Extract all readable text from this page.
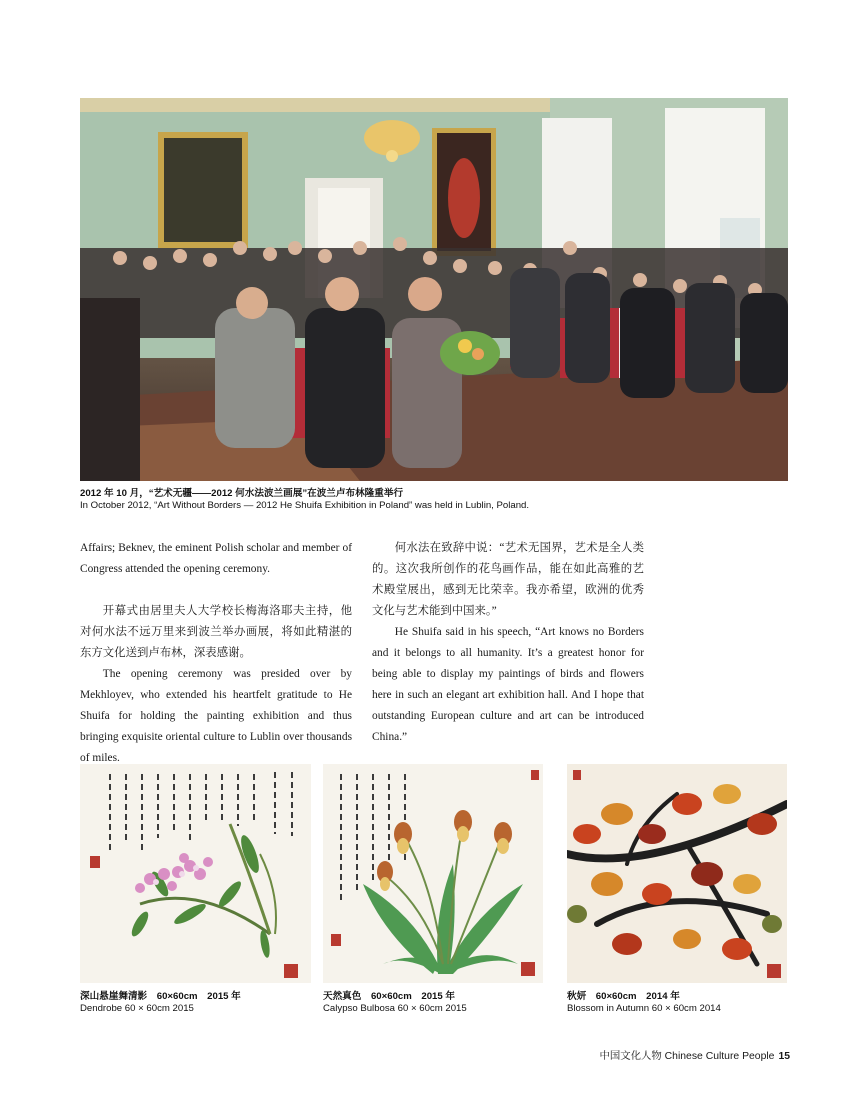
2012 年 10 月，“艺术无疆——2012 何水法波兰画展”在波兰卢布林隆重举行
In October 2012, “Art Without Borders — 2012 He Shuifa Exhibition in Poland” was held in Lublin, Poland.

Affairs; Beknev, the eminent Polish scholar and member of Congress attended the opening ceremony.

开幕式由居里夫人大学校长梅海洛耶夫主持，他对何水法不远万里来到波兰举办画展，将如此精湛的东方文化送到卢布林，深表感谢。

The opening ceremony was presided over by Mekhloyev, who extended his heartfelt gratitude to He Shuifa for holding the painting exhibition and thus bringing exquisite oriental culture to Lublin over thousands of miles.

何水法在致辞中说：“艺术无国界，艺术是全人类的。这次我所创作的花鸟画作品，能在如此高雅的艺术殿堂展出，感到无比荣幸。我亦希望，欧洲的优秀文化与艺术能到中国来。”

He Shuifa said in his speech, “Art knows no Borders and it belongs to all humanity. It’s a greatest honor for being able to display my paintings of birds and flowers here in such an elegant art exhibition hall. And I hope that outstanding European culture and art can be introduced China.”

深山悬崖舞清影　60×60cm　2015 年
Dendrobe 60 × 60cm 2015
天然真色　60×60cm　2015 年
Calypso Bulbosa 60 × 60cm 2015
秋妍　60×60cm　2014 年
Blossom in Autumn 60 × 60cm 2014
中国文化人物 Chinese Culture People 15
